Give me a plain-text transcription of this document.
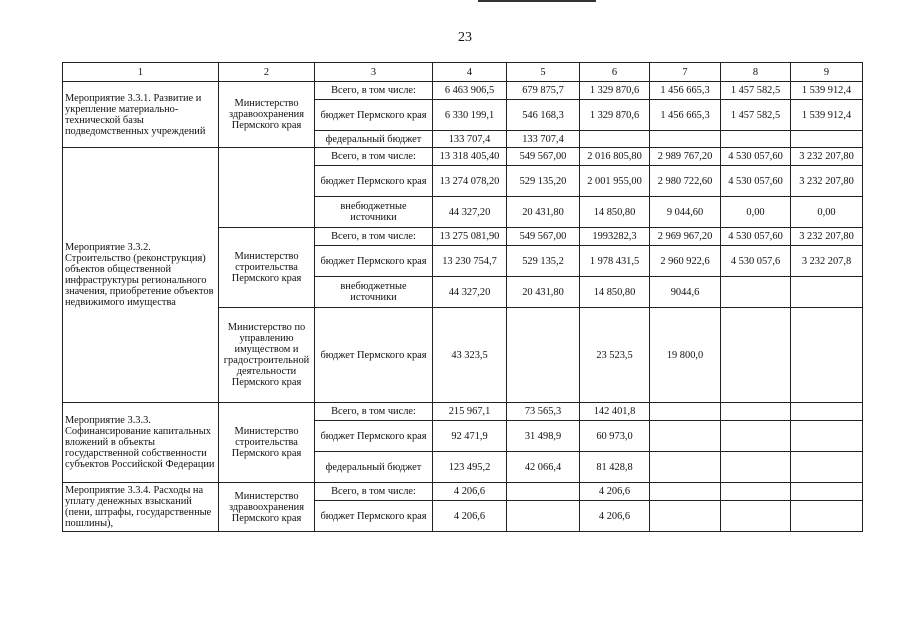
23
1	2	3	4	5	6	7	8	9
Мероприятие 3.3.1. Развитие и укрепление материально-технической базы подведомственных учреждений	Министерство здравоохранения Пермского края	Всего, в том числе:	6 463 906,5	679 875,7	1 329 870,6	1 456 665,3	1 457 582,5	1 539 912,4
		бюджет Пермского края	6 330 199,1	546 168,3	1 329 870,6	1 456 665,3	1 457 582,5	1 539 912,4
		федеральный бюджет	133 707,4	133 707,4				
Мероприятие 3.3.2. Строительство (реконструкция) объектов общественной инфраструктуры регионального значения, приобретение объектов недвижимого имущества		Всего, в том числе:	13 318 405,40	549 567,00	2 016 805,80	2 989 767,20	4 530 057,60	3 232 207,80
		бюджет Пермского края	13 274 078,20	529 135,20	2 001 955,00	2 980 722,60	4 530 057,60	3 232 207,80
		внебюджетные источники	44 327,20	20 431,80	14 850,80	9 044,60	0,00	0,00
	Министерство строительства Пермского края	Всего, в том числе:	13 275 081,90	549 567,00	1993282,3	2 969 967,20	4 530 057,60	3 232 207,80
		бюджет Пермского края	13 230 754,7	529 135,2	1 978 431,5	2 960 922,6	4 530 057,6	3 232 207,8
		внебюджетные источники	44 327,20	20 431,80	14 850,80	9044,6		
	Министерство по управлению имуществом и градостроительной деятельности Пермского края	бюджет Пермского края	43 323,5		23 523,5	19 800,0		
Мероприятие 3.3.3. Софинансирование капитальных вложений в объекты государственной собственности субъектов Российской Федерации	Министерство строительства Пермского края	Всего, в том числе:	215 967,1	73 565,3	142 401,8			
		бюджет Пермского края	92 471,9	31 498,9	60 973,0			
		федеральный бюджет	123 495,2	42 066,4	81 428,8			
Мероприятие 3.3.4. Расходы на уплату денежных взысканий (пени, штрафы, государственные пошлины),	Министерство здравоохранения Пермского края	Всего, в том числе:	4 206,6		4 206,6			
		бюджет Пермского края	4 206,6		4 206,6			
